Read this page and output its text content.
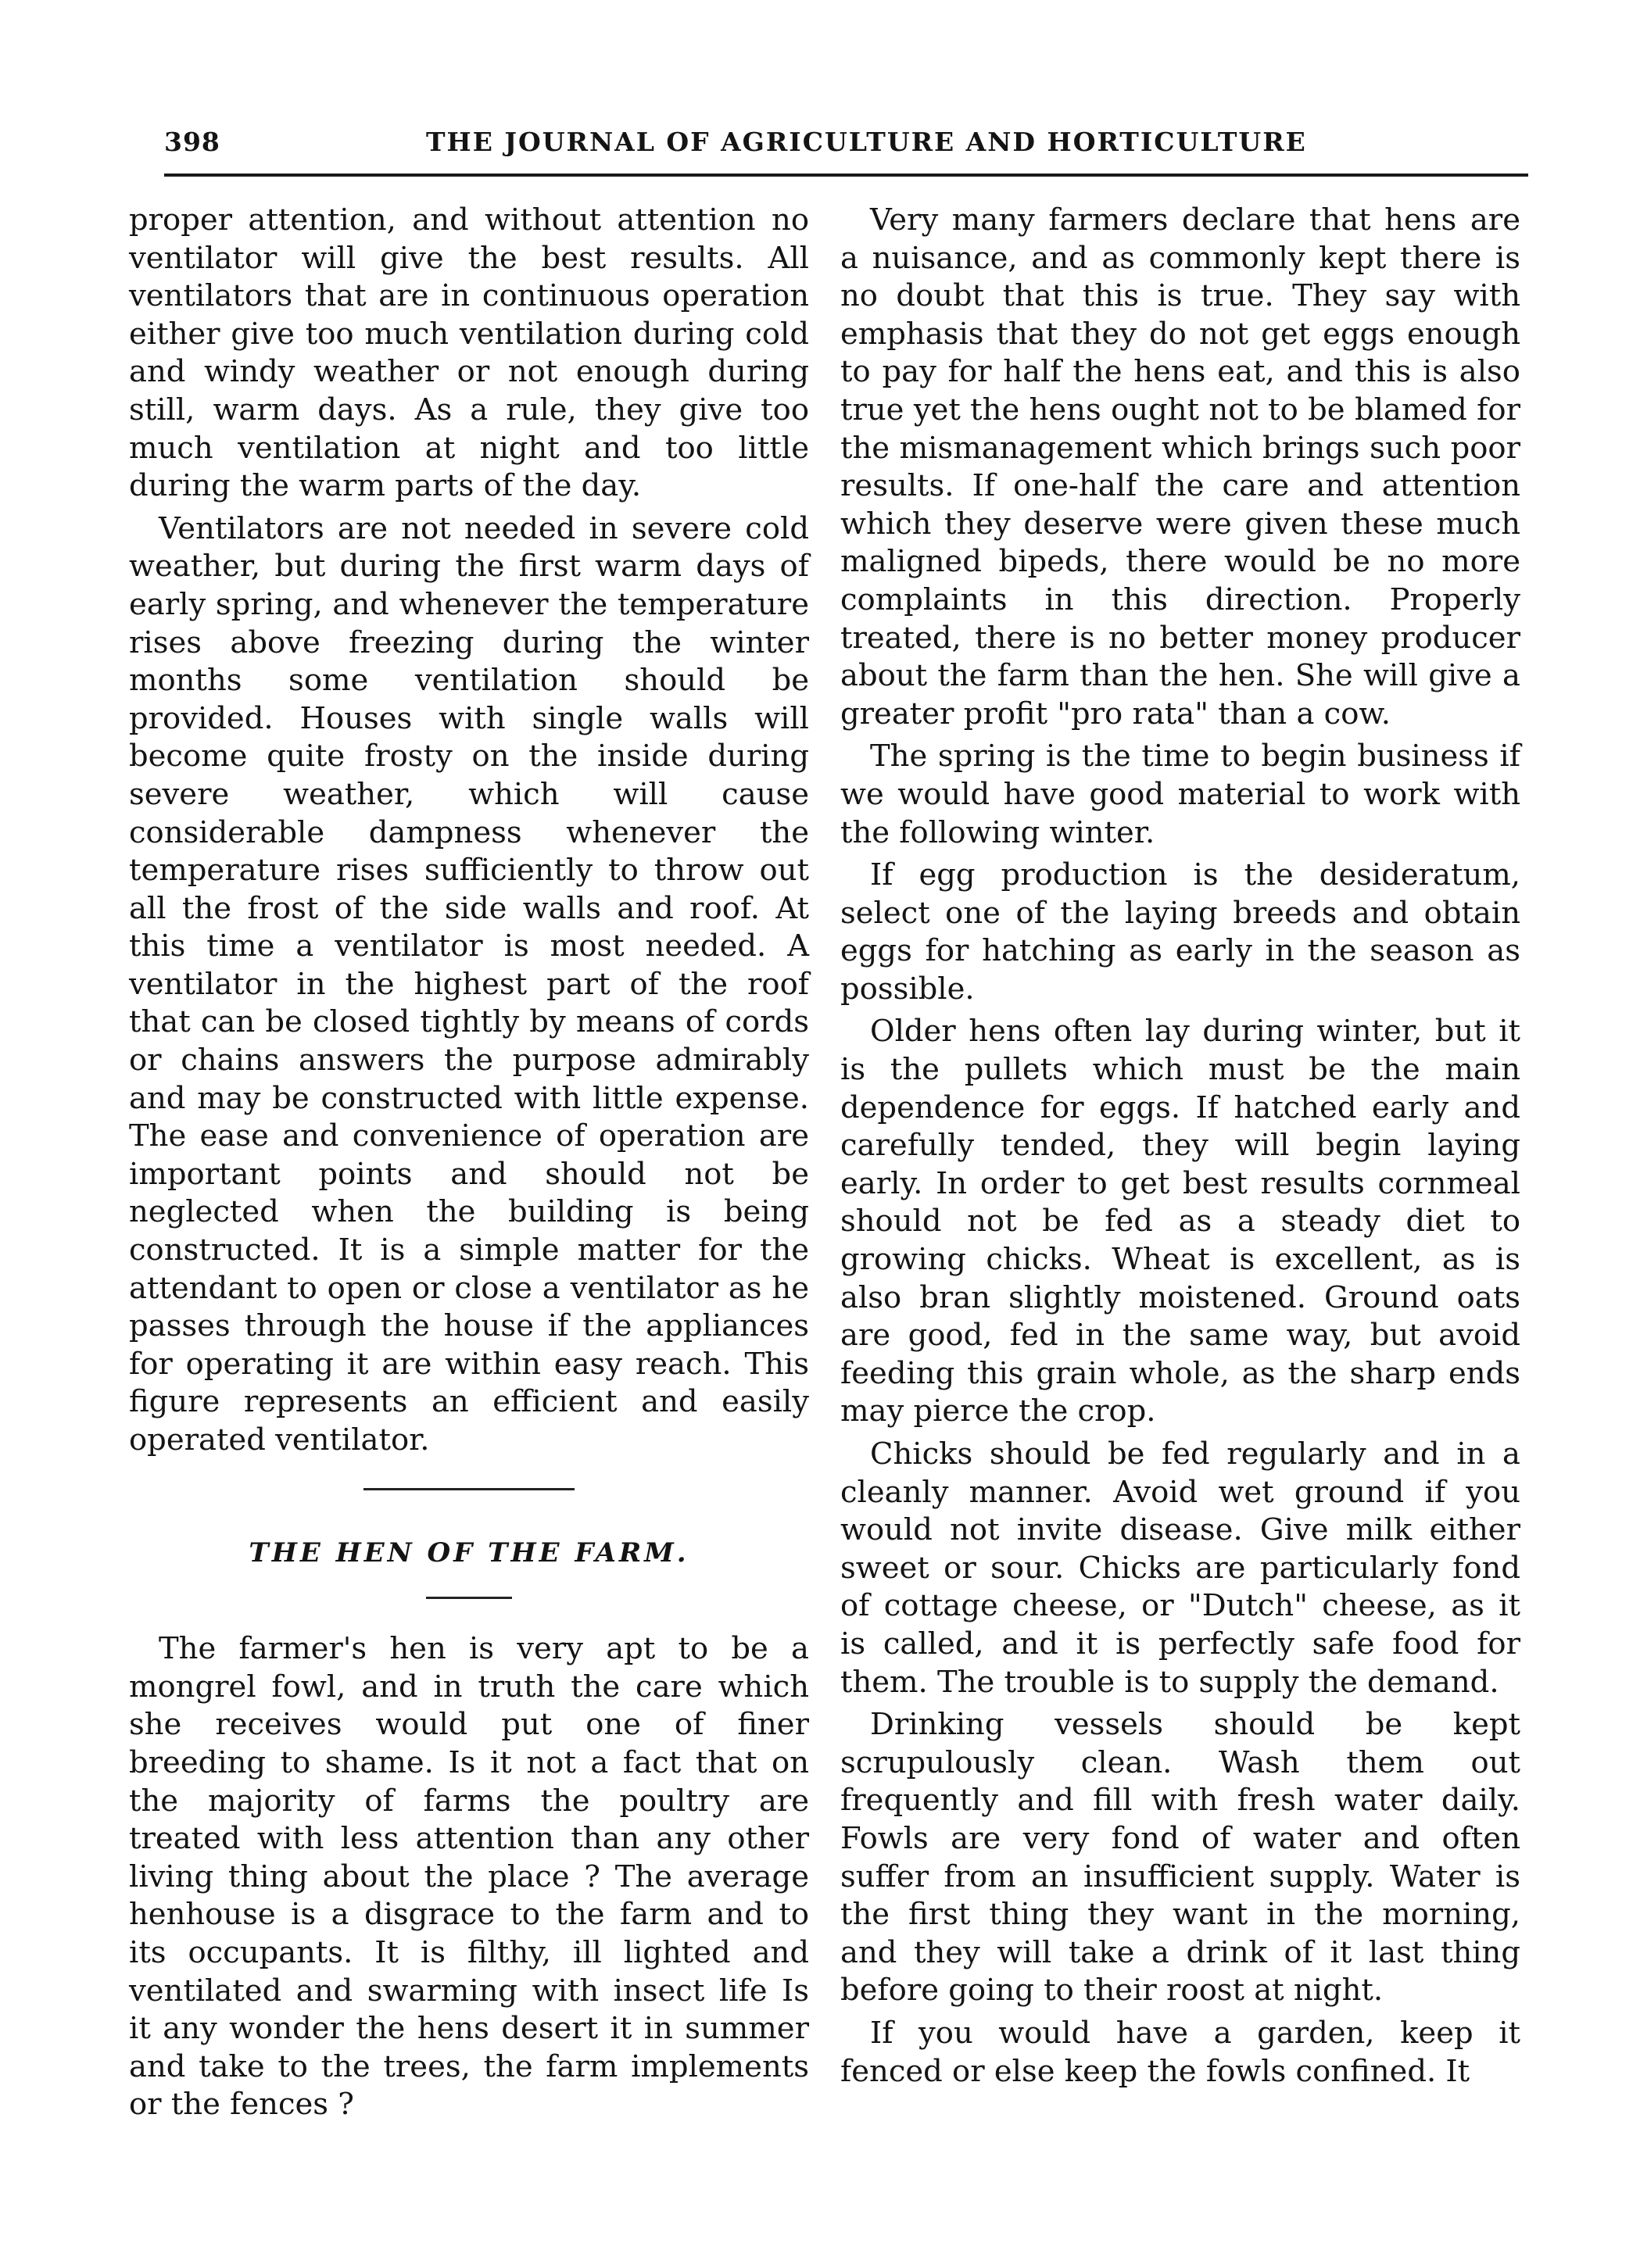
398	THE JOURNAL OF AGRICULTURE AND HORTICULTURE

proper attention, and without attention no ventilator will give the best results. All ventilators that are in continuous operation either give too much ventilation during cold and windy weather or not enough during still, warm days. As a rule, they give too much ventilation at night and too little during the warm parts of the day.

Ventilators are not needed in severe cold weather, but during the first warm days of early spring, and whenever the temperature rises above freezing during the winter months some ventilation should be provided. Houses with single walls will become quite frosty on the inside during severe weather, which will cause considerable dampness whenever the temperature rises sufficiently to throw out all the frost of the side walls and roof. At this time a ventilator is most needed. A ventilator in the highest part of the roof that can be closed tightly by means of cords or chains answers the purpose admirably and may be constructed with little expense. The ease and convenience of operation are important points and should not be neglected when the building is being constructed. It is a simple matter for the attendant to open or close a ventilator as he passes through the house if the appliances for operating it are within easy reach. This figure represents an efficient and easily operated ventilator.

THE HEN OF THE FARM.

The farmer's hen is very apt to be a mongrel fowl, and in truth the care which she receives would put one of finer breeding to shame. Is it not a fact that on the majority of farms the poultry are treated with less attention than any other living thing about the place ? The average henhouse is a disgrace to the farm and to its occupants. It is filthy, ill lighted and ventilated and swarming with insect life Is it any wonder the hens desert it in summer and take to the trees, the farm implements or the fences ?

Very many farmers declare that hens are a nuisance, and as commonly kept there is no doubt that this is true. They say with emphasis that they do not get eggs enough to pay for half the hens eat, and this is also true yet the hens ought not to be blamed for the mismanagement which brings such poor results. If one-half the care and attention which they deserve were given these much maligned bipeds, there would be no more complaints in this direction. Properly treated, there is no better money producer about the farm than the hen. She will give a greater profit "pro rata" than a cow.

The spring is the time to begin business if we would have good material to work with the following winter.

If egg production is the desideratum, select one of the laying breeds and obtain eggs for hatching as early in the season as possible.

Older hens often lay during winter, but it is the pullets which must be the main dependence for eggs. If hatched early and carefully tended, they will begin laying early. In order to get best results cornmeal should not be fed as a steady diet to growing chicks. Wheat is excellent, as is also bran slightly moistened. Ground oats are good, fed in the same way, but avoid feeding this grain whole, as the sharp ends may pierce the crop.

Chicks should be fed regularly and in a cleanly manner. Avoid wet ground if you would not invite disease. Give milk either sweet or sour. Chicks are particularly fond of cottage cheese, or "Dutch" cheese, as it is called, and it is perfectly safe food for them. The trouble is to supply the demand.

Drinking vessels should be kept scrupulously clean. Wash them out frequently and fill with fresh water daily. Fowls are very fond of water and often suffer from an insufficient supply. Water is the first thing they want in the morning, and they will take a drink of it last thing before going to their roost at night.

If you would have a garden, keep it fenced or else keep the fowls confined. It
